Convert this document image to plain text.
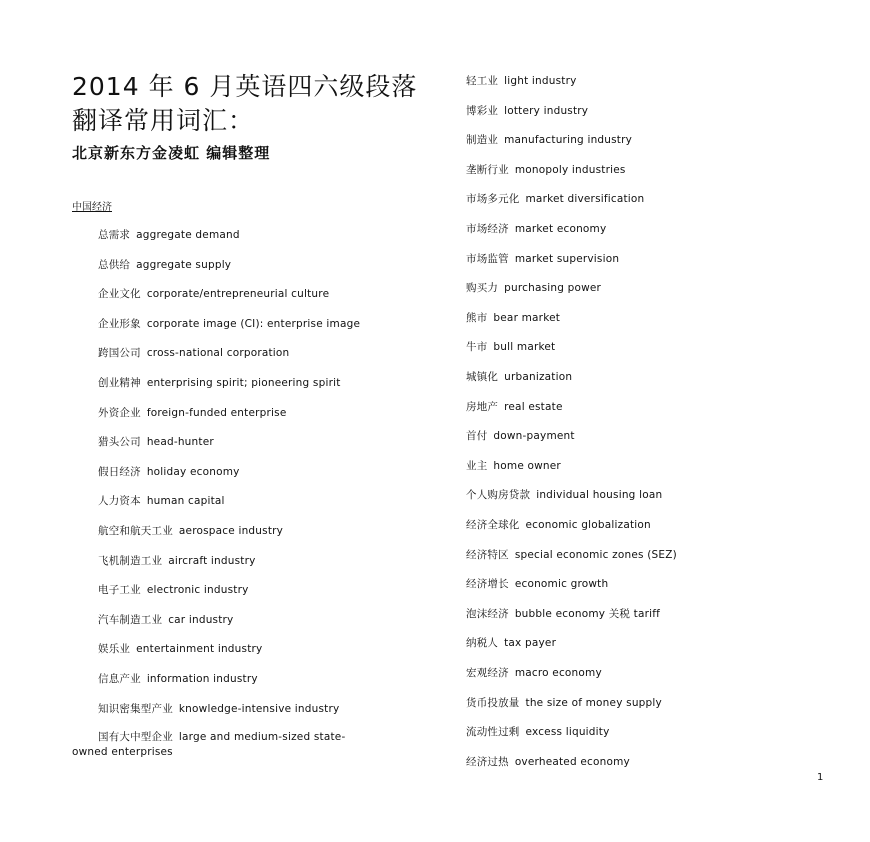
2014 年 6 月英语四六级段落翻译常用词汇：
北京新东方金凌虹 编辑整理
中国经济
总需求 aggregate demand
总供给 aggregate supply
企业文化 corporate/entrepreneurial culture
企业形象 corporate image (CI): enterprise image
跨国公司 cross-national corporation
创业精神 enterprising spirit; pioneering spirit
外资企业 foreign-funded enterprise
猎头公司 head-hunter
假日经济 holiday economy
人力资本 human capital
航空和航天工业 aerospace industry
飞机制造工业 aircraft industry
电子工业 electronic industry
汽车制造工业 car industry
娱乐业 entertainment industry
信息产业 information industry
知识密集型产业 knowledge-intensive industry
国有大中型企业 large and medium-sized state-owned enterprises
轻工业 light industry
博彩业 lottery industry
制造业 manufacturing industry
垄断行业 monopoly industries
市场多元化 market diversification
市场经济 market economy
市场监管 market supervision
购买力 purchasing power
熊市 bear market
牛市 bull market
城镇化 urbanization
房地产 real estate
首付 down-payment
业主 home owner
个人购房贷款 individual housing loan
经济全球化 economic globalization
经济特区 special economic zones (SEZ)
经济增长 economic growth
泡沫经济 bubble economy 关税 tariff
纳税人 tax payer
宏观经济 macro economy
货币投放量 the size of money supply
流动性过剩 excess liquidity
经济过热 overheated economy
1
